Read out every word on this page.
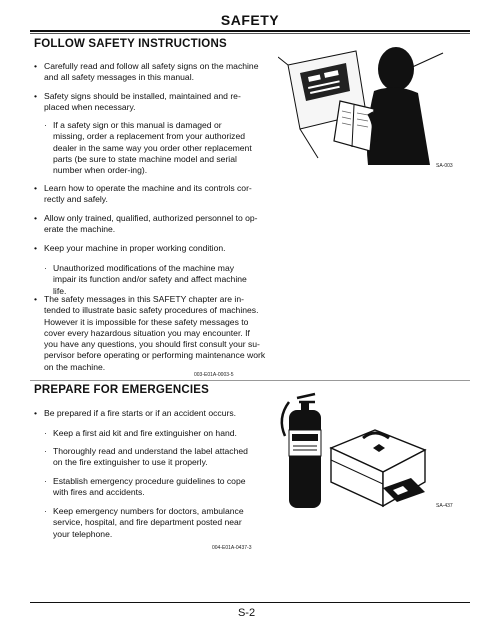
SAFETY
FOLLOW SAFETY INSTRUCTIONS
• Carefully read and follow all safety signs on the machine and all safety messages in this manual.
• Safety signs should be installed, maintained and re-placed when necessary.
· If a safety sign or this manual is damaged or missing, order a replacement from your authorized dealer in the same way you order other replacement parts (be sure to state machine model and serial number when order-ing).
• Learn how to operate the machine and its controls cor-rectly and safely.
• Allow only trained, qualified, authorized personnel to op-erate the machine.
• Keep your machine in proper working condition.
· Unauthorized modifications of the machine may impair its function and/or safety and affect machine life.
• The safety messages in this SAFETY chapter are in-tended to illustrate basic safety procedures of machines. However it is impossible for these safety messages to cover every hazardous situation you may encounter. If you have any questions, you should first consult your su-pervisor before operating or performing maintenance work on the machine.
SA-003
003-E01A-0003-5
PREPARE FOR EMERGENCIES
• Be prepared if a fire starts or if an accident occurs.
· Keep a first aid kit and fire extinguisher on hand.
· Thoroughly read and understand the label attached on the fire extinguisher to use it properly.
· Establish emergency procedure guidelines to cope with fires and accidents.
· Keep emergency numbers for doctors, ambulance service, hospital, and fire department posted near your telephone.
SA-437
004-E01A-0437-3
S-2
